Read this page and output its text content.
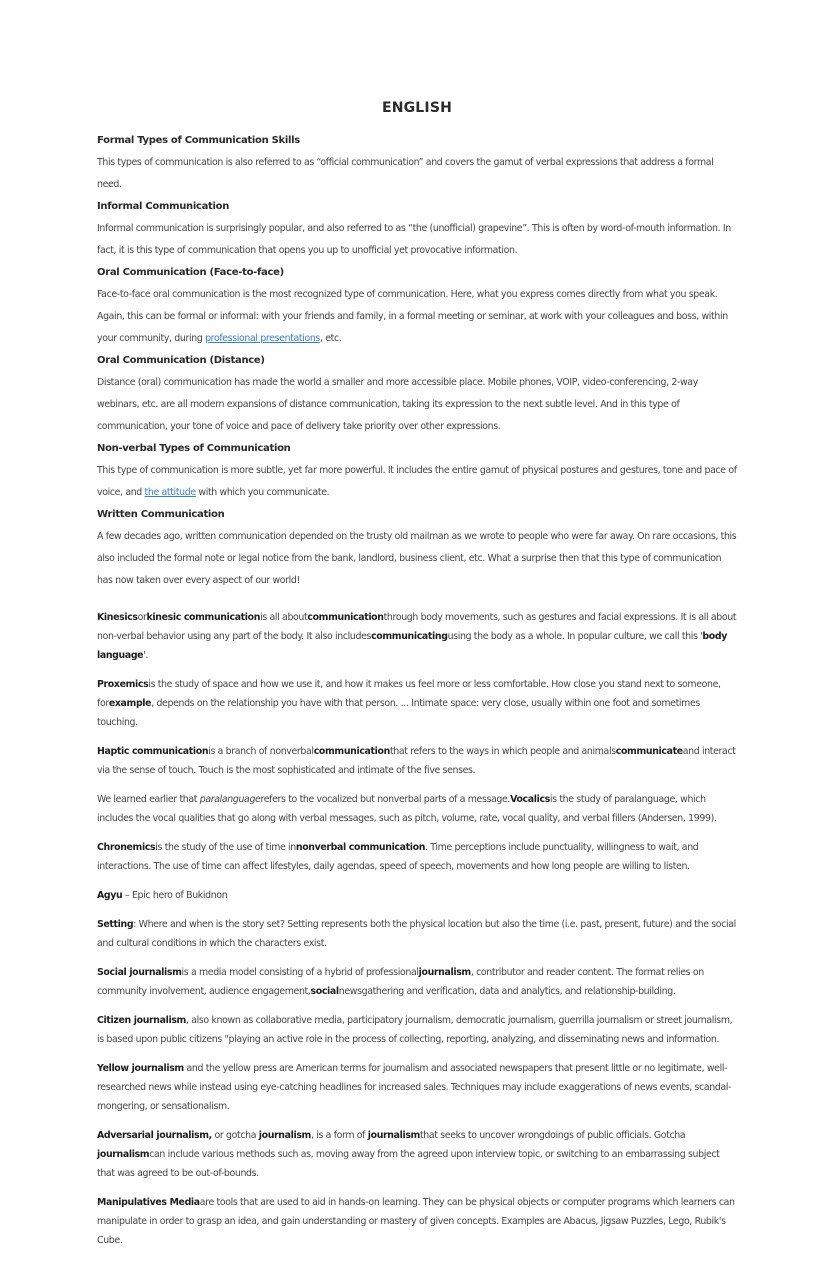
ENGLISH
Formal Types of Communication Skills
This types of communication is also referred to as “official communication” and covers the gamut of verbal expressions that address a formal need.
Informal Communication
Informal communication is surprisingly popular, and also referred to as “the (unofficial) grapevine”. This is often by word-of-mouth information. In fact, it is this type of communication that opens you up to unofficial yet provocative information.
Oral Communication (Face-to-face)
Face-to-face oral communication is the most recognized type of communication. Here, what you express comes directly from what you speak. Again, this can be formal or informal: with your friends and family, in a formal meeting or seminar, at work with your colleagues and boss, within your community, during professional presentations, etc.
Oral Communication (Distance)
Distance (oral) communication has made the world a smaller and more accessible place. Mobile phones, VOIP, video-conferencing, 2-way webinars, etc. are all modern expansions of distance communication, taking its expression to the next subtle level. And in this type of communication, your tone of voice and pace of delivery take priority over other expressions.
Non-verbal Types of Communication
This type of communication is more subtle, yet far more powerful. It includes the entire gamut of physical postures and gestures, tone and pace of voice, and the attitude with which you communicate.
Written Communication
A few decades ago, written communication depended on the trusty old mailman as we wrote to people who were far away. On rare occasions, this also included the formal note or legal notice from the bank, landlord, business client, etc. What a surprise then that this type of communication has now taken over every aspect of our world!

Kinesicsorkinesic communicationis all aboutcommunicationthrough body movements, such as gestures and facial expressions. It is all about non-verbal behavior using any part of the body. It also includescommunicatingusing the body as a whole. In popular culture, we call this 'body language'.

Proxemicsis the study of space and how we use it, and how it makes us feel more or less comfortable. How close you stand next to someone, forexample, depends on the relationship you have with that person. ... Intimate space: very close, usually within one foot and sometimes touching.

Haptic communicationis a branch of nonverbalcommunicationthat refers to the ways in which people and animalscommunicateand interact via the sense of touch. Touch is the most sophisticated and intimate of the five senses.

We learned earlier that paralanguagerefers to the vocalized but nonverbal parts of a message.Vocalicsis the study of paralanguage, which includes the vocal qualities that go along with verbal messages, such as pitch, volume, rate, vocal quality, and verbal fillers (Andersen, 1999).

Chronemicsis the study of the use of time innonverbal communication. Time perceptions include punctuality, willingness to wait, and interactions. The use of time can affect lifestyles, daily agendas, speed of speech, movements and how long people are willing to listen.

Agyu – Epic hero of Bukidnon

Setting: Where and when is the story set? Setting represents both the physical location but also the time (i.e. past, present, future) and the social and cultural conditions in which the characters exist.

Social journalismis a media model consisting of a hybrid of professionaljournalism, contributor and reader content. The format relies on community involvement, audience engagement,socialnewsgathering and verification, data and analytics, and relationship-building.

Citizen journalism, also known as collaborative media, participatory journalism, democratic journalism, guerrilla journalism or street journalism, is based upon public citizens "playing an active role in the process of collecting, reporting, analyzing, and disseminating news and information.

Yellow journalism and the yellow press are American terms for journalism and associated newspapers that present little or no legitimate, well-researched news while instead using eye-catching headlines for increased sales. Techniques may include exaggerations of news events, scandal-mongering, or sensationalism.

Adversarial journalism, or gotcha journalism, is a form of journalismthat seeks to uncover wrongdoings of public officials. Gotcha journalismcan include various methods such as, moving away from the agreed upon interview topic, or switching to an embarrassing subject that was agreed to be out-of-bounds.

Manipulatives Mediaare tools that are used to aid in hands-on learning. They can be physical objects or computer programs which learners can manipulate in order to grasp an idea, and gain understanding or mastery of given concepts. Examples are Abacus, Jigsaw Puzzles, Lego, Rubik's Cube.
